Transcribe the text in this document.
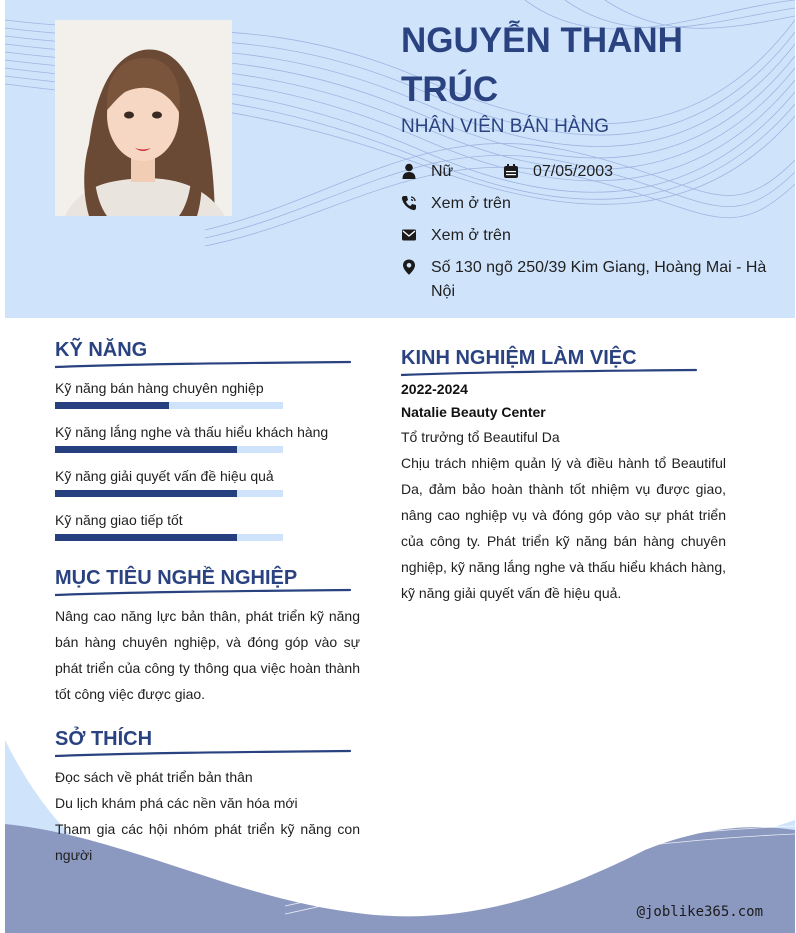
NGUYỄN THANH TRÚC
NHÂN VIÊN BÁN HÀNG
Nữ	07/05/2003
Xem ở trên
Xem ở trên
Số 130 ngõ 250/39 Kim Giang, Hoàng Mai - Hà Nội
KỸ NĂNG
Kỹ năng bán hàng chuyên nghiệp
Kỹ năng lắng nghe và thấu hiểu khách hàng
Kỹ năng giải quyết vấn đề hiệu quả
Kỹ năng giao tiếp tốt
MỤC TIÊU NGHỀ NGHIỆP
Nâng cao năng lực bản thân, phát triển kỹ năng bán hàng chuyên nghiệp, và đóng góp vào sự phát triển của công ty thông qua việc hoàn thành tốt công việc được giao.
SỞ THÍCH
Đọc sách về phát triển bản thân
Du lịch khám phá các nền văn hóa mới
Tham gia các hội nhóm phát triển kỹ năng con người
KINH NGHIỆM LÀM VIỆC
2022-2024
Natalie Beauty Center
Tổ trưởng tổ Beautiful Da
Chịu trách nhiệm quản lý và điều hành tổ Beautiful Da, đảm bảo hoàn thành tốt nhiệm vụ được giao, nâng cao nghiệp vụ và đóng góp vào sự phát triển của công ty. Phát triển kỹ năng bán hàng chuyên nghiệp, kỹ năng lắng nghe và thấu hiểu khách hàng, kỹ năng giải quyết vấn đề hiệu quả.
@joblike365.com
